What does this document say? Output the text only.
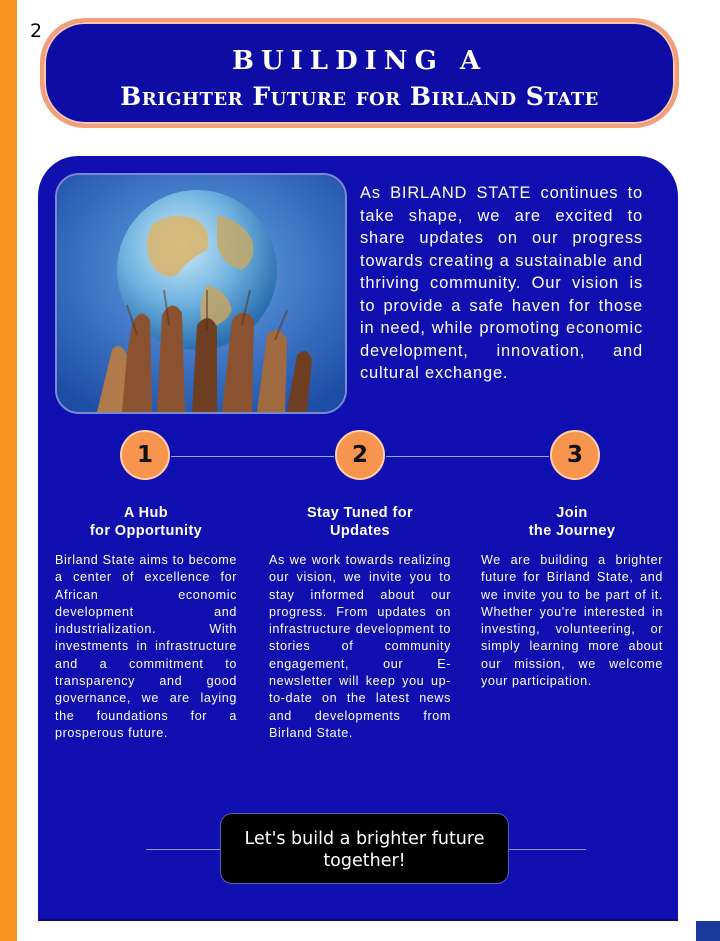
2
BUILDING A
Brighter Future for Birland State
As BIRLAND STATE continues to take shape, we are excited to share updates on our progress towards creating a sustainable and thriving community. Our vision is to provide a safe haven for those in need, while promoting economic development, innovation, and cultural exchange.
1	2	3
A Hub
for Opportunity
Stay Tuned for
Updates
Join
the Journey
Birland State aims to become a center of excellence for African economic development and industrialization. With investments in infrastructure and a commitment to transparency and good governance, we are laying the foundations for a prosperous future.
As we work towards realizing our vision, we invite you to stay informed about our progress. From updates on infrastructure development to stories of community engagement, our E-newsletter will keep you up-to-date on the latest news and developments from Birland State.
We are building a brighter future for Birland State, and we invite you to be part of it. Whether you're interested in investing, volunteering, or simply learning more about our mission, we welcome your participation.
Let's build a brighter future
together!
